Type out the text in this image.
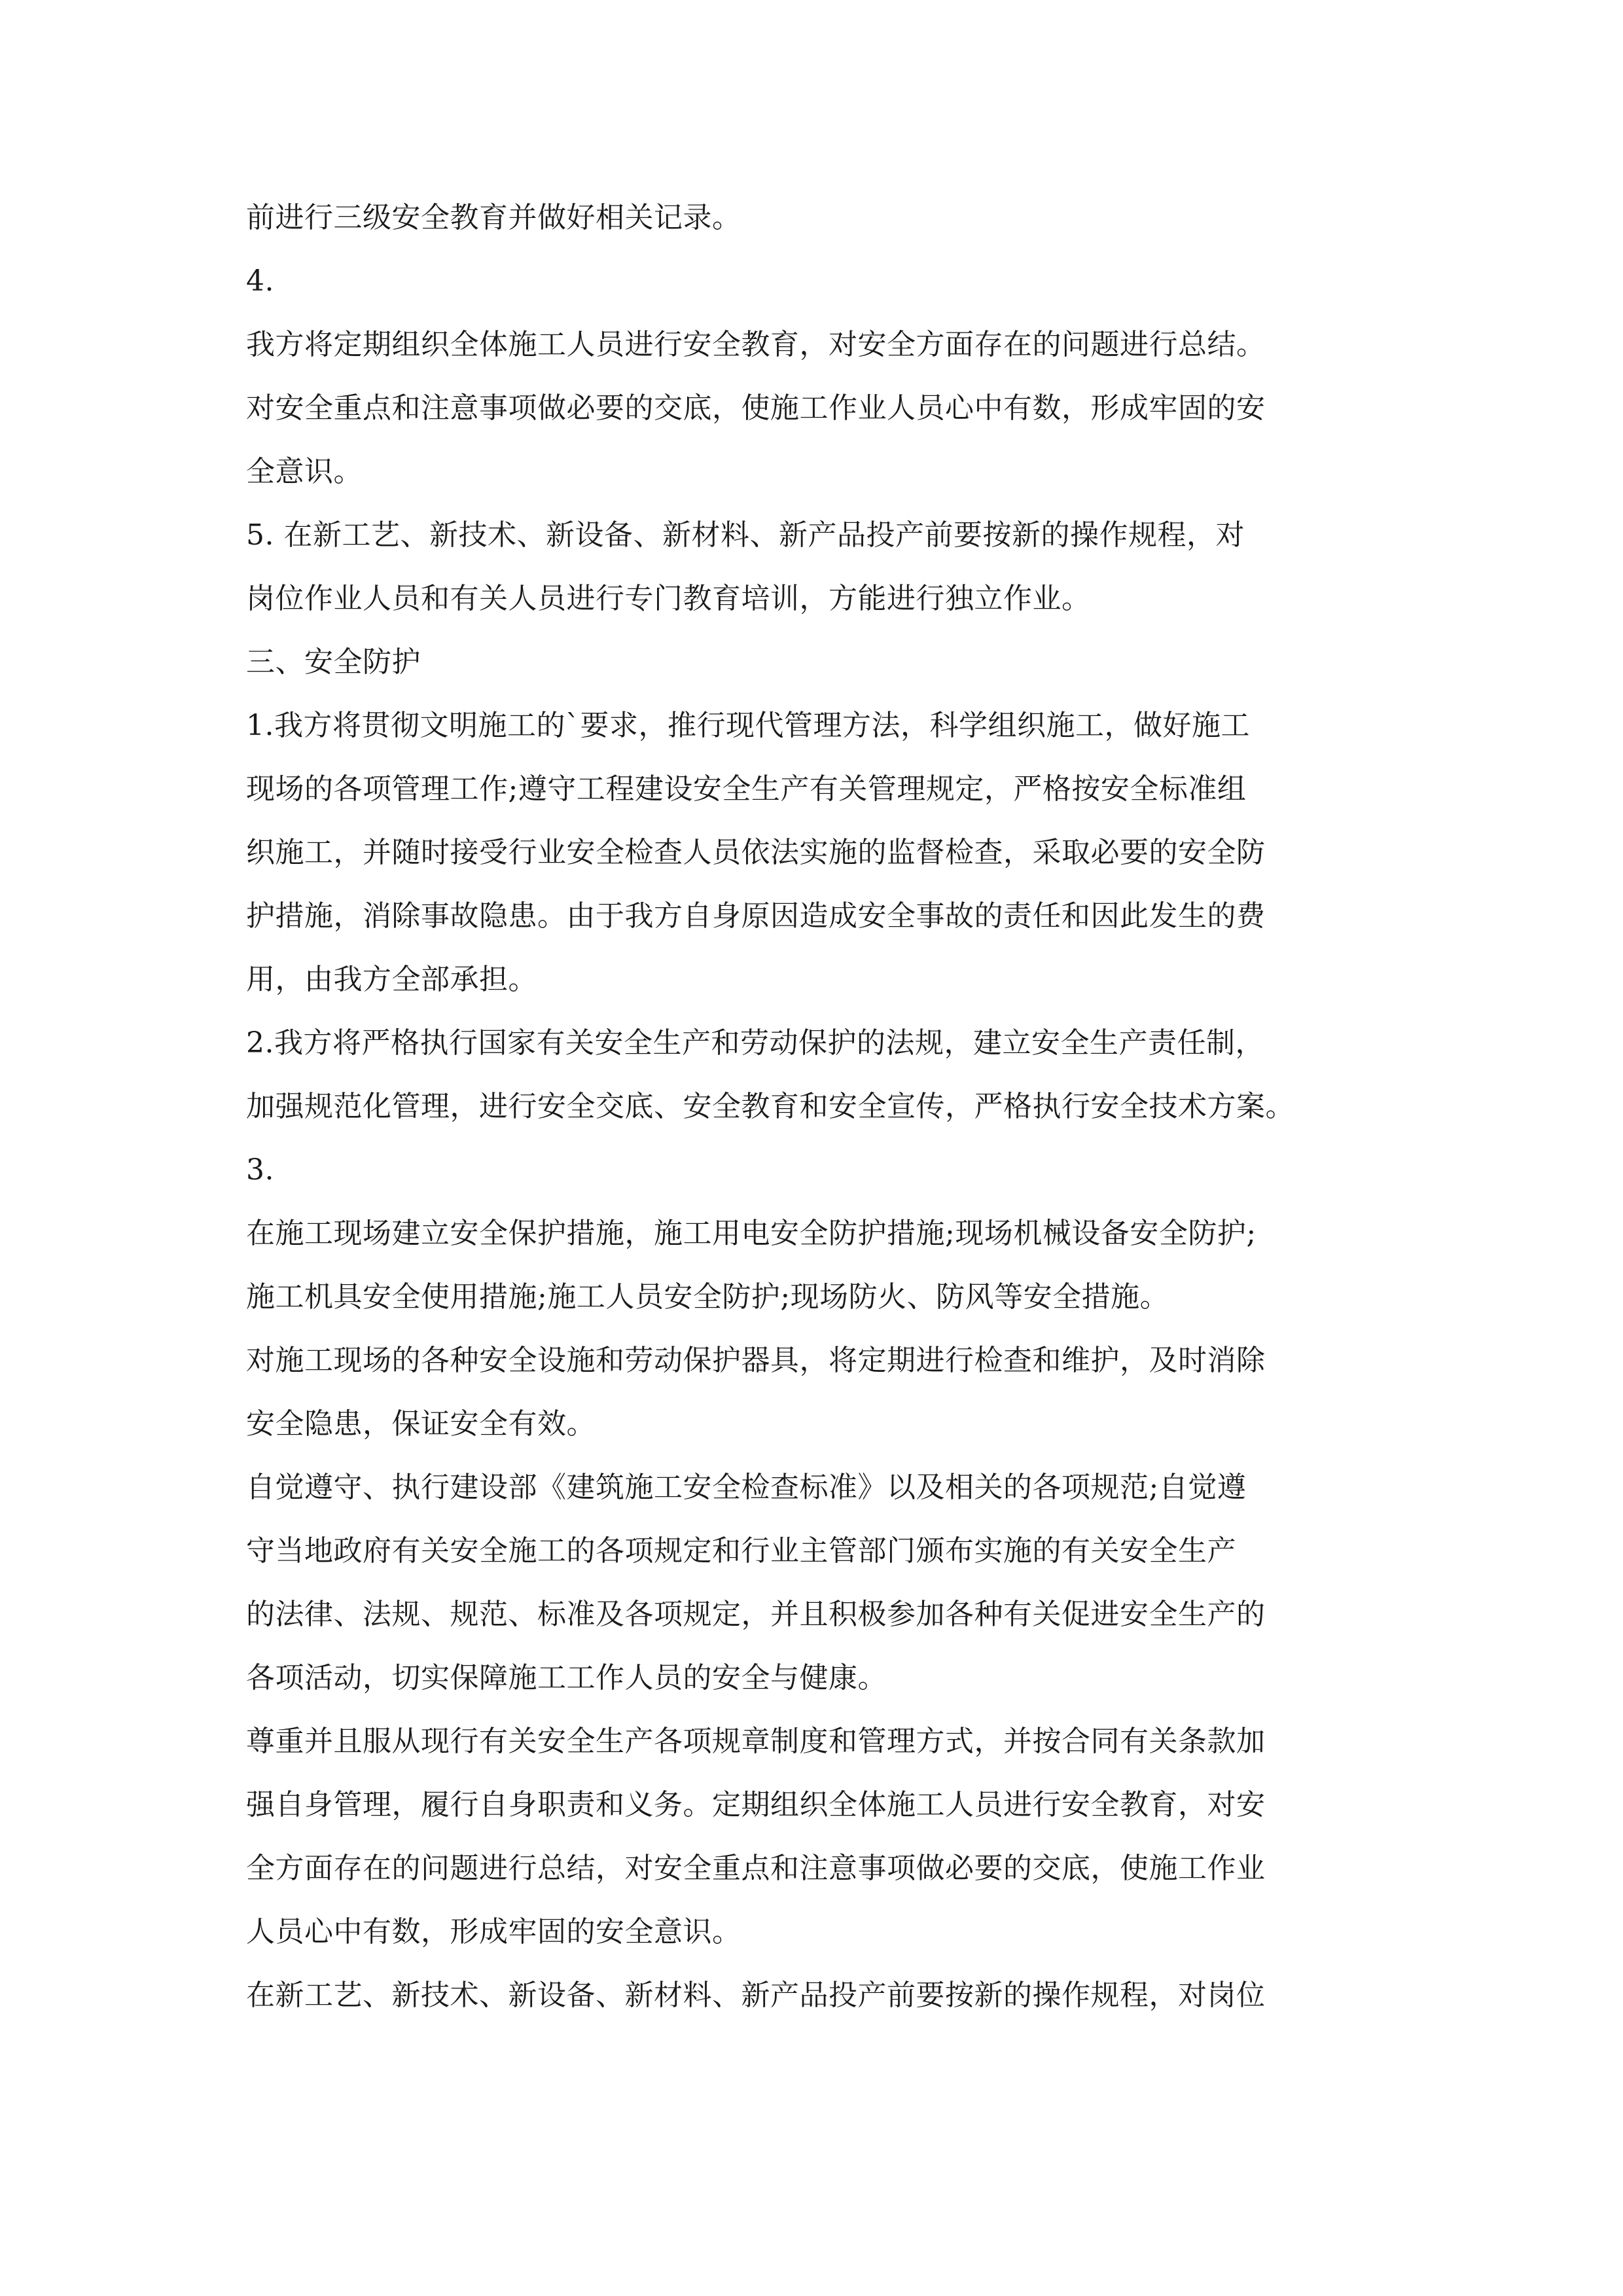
前进行三级安全教育并做好相关记录。
4.
我方将定期组织全体施工人员进行安全教育，对安全方面存在的问题进行总结。
对安全重点和注意事项做必要的交底，使施工作业人员心中有数，形成牢固的安
全意识。
5. 在新工艺、新技术、新设备、新材料、新产品投产前要按新的操作规程，对
岗位作业人员和有关人员进行专门教育培训，方能进行独立作业。
三、安全防护
1.我方将贯彻文明施工的`要求，推行现代管理方法，科学组织施工，做好施工
现场的各项管理工作;遵守工程建设安全生产有关管理规定，严格按安全标准组
织施工，并随时接受行业安全检查人员依法实施的监督检查，采取必要的安全防
护措施，消除事故隐患。由于我方自身原因造成安全事故的责任和因此发生的费
用，由我方全部承担。
2.我方将严格执行国家有关安全生产和劳动保护的法规，建立安全生产责任制，
加强规范化管理，进行安全交底、安全教育和安全宣传，严格执行安全技术方案。
3.
在施工现场建立安全保护措施，施工用电安全防护措施;现场机械设备安全防护;
施工机具安全使用措施;施工人员安全防护;现场防火、防风等安全措施。
对施工现场的各种安全设施和劳动保护器具，将定期进行检查和维护，及时消除
安全隐患，保证安全有效。
自觉遵守、执行建设部《建筑施工安全检查标准》以及相关的各项规范;自觉遵
守当地政府有关安全施工的各项规定和行业主管部门颁布实施的有关安全生产
的法律、法规、规范、标准及各项规定，并且积极参加各种有关促进安全生产的
各项活动，切实保障施工工作人员的安全与健康。
尊重并且服从现行有关安全生产各项规章制度和管理方式，并按合同有关条款加
强自身管理，履行自身职责和义务。定期组织全体施工人员进行安全教育，对安
全方面存在的问题进行总结，对安全重点和注意事项做必要的交底，使施工作业
人员心中有数，形成牢固的安全意识。
在新工艺、新技术、新设备、新材料、新产品投产前要按新的操作规程，对岗位
